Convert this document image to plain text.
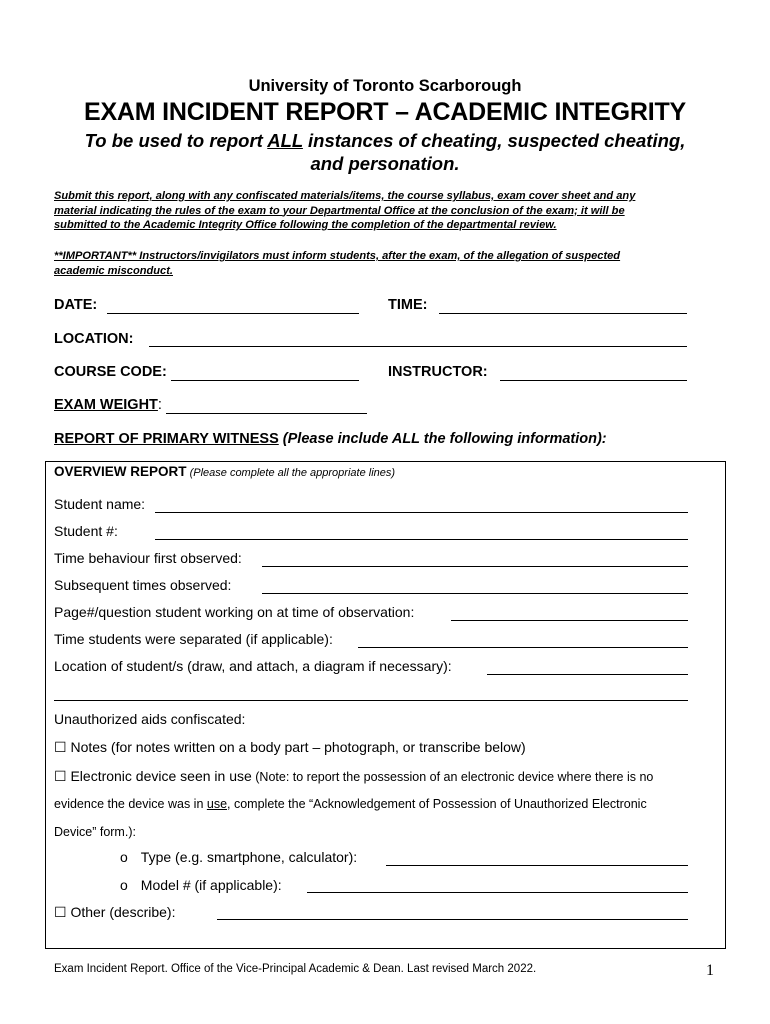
University of Toronto Scarborough
EXAM INCIDENT REPORT – ACADEMIC INTEGRITY
To be used to report ALL instances of cheating, suspected cheating,
and personation.
Submit this report, along with any confiscated materials/items, the course syllabus, exam cover sheet and any
material indicating the rules of the exam to your Departmental Office at the conclusion of the exam; it will be
submitted to the Academic Integrity Office following the completion of the departmental review.
**IMPORTANT** Instructors/invigilators must inform students, after the exam, of the allegation of suspected
academic misconduct.
DATE:	TIME:
LOCATION:
COURSE CODE:	INSTRUCTOR:
EXAM WEIGHT:
REPORT OF PRIMARY WITNESS (Please include ALL the following information):
OVERVIEW REPORT (Please complete all the appropriate lines)
Student name:
Student #:
Time behaviour first observed:
Subsequent times observed:
Page#/question student working on at time of observation:
Time students were separated (if applicable):
Location of student/s (draw, and attach, a diagram if necessary):
Unauthorized aids confiscated:
☐ Notes (for notes written on a body part – photograph, or transcribe below)
☐ Electronic device seen in use (Note: to report the possession of an electronic device where there is no
evidence the device was in use, complete the “Acknowledgement of Possession of Unauthorized Electronic
Device” form.):
o Type (e.g. smartphone, calculator):
o Model # (if applicable):
☐ Other (describe):
Exam Incident Report. Office of the Vice-Principal Academic & Dean. Last revised March 2022.	1
